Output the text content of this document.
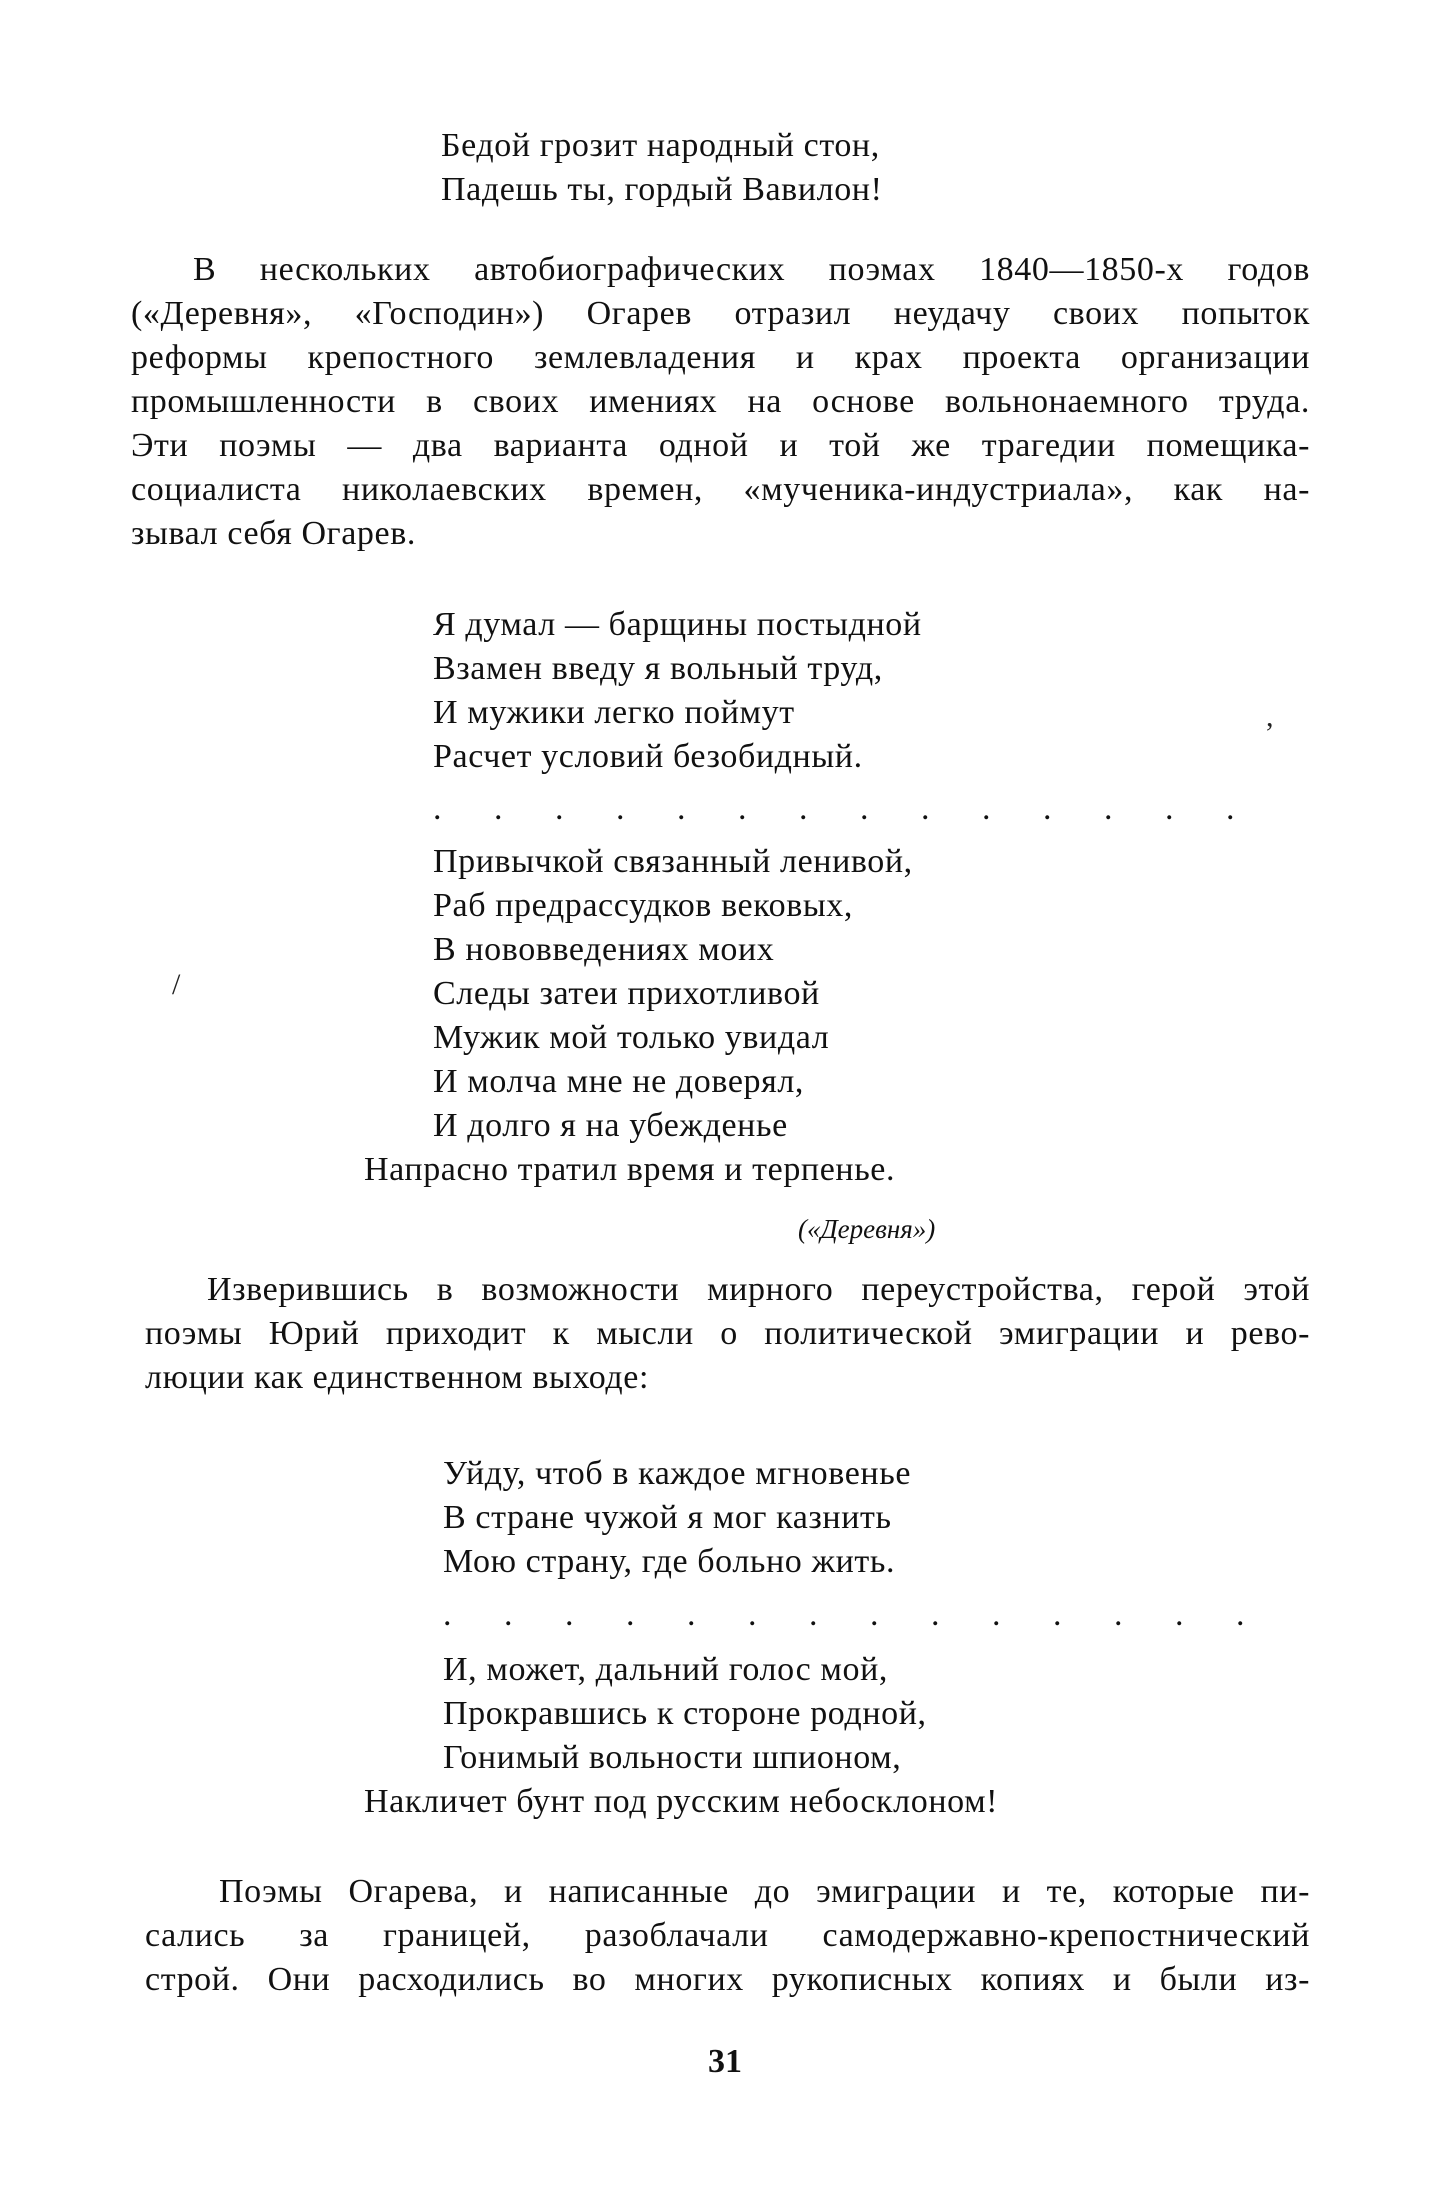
Бедой грозит народный стон,
Падешь ты, гордый Вавилон!
В нескольких автобиографических поэмах 1840—1850-х годов
(«Деревня», «Господин») Огарев отразил неудачу своих попыток
реформы крепостного землевладения и крах проекта организации
промышленности в своих имениях на основе вольнонаемного труда.
Эти поэмы — два варианта одной и той же трагедии помещика-
социалиста николаевских времен, «мученика-индустриала», как на-
зывал себя Огарев.
Я думал — барщины постыдной
Взамен введу я вольный труд,
И мужики легко поймут
Расчет условий безобидный.
,
. . . . . . . . . . . . . .
Привычкой связанный ленивой,
Раб предрассудков вековых,
В нововведениях моих
Следы затеи прихотливой
Мужик мой только увидал
И молча мне не доверял,
И долго я на убежденье
Напрасно тратил время и терпенье.
/
(«Деревня»)
Изверившись в возможности мирного переустройства, герой этой
поэмы Юрий приходит к мысли о политической эмиграции и рево-
люции как единственном выходе:
Уйду, чтоб в каждое мгновенье
В стране чужой я мог казнить
Мою страну, где больно жить.
. . . . . . . . . . . . . .
И, может, дальний голос мой,
Прокравшись к стороне родной,
Гонимый вольности шпионом,
Накличет бунт под русским небосклоном!
Поэмы Огарева, и написанные до эмиграции и те, которые пи-
сались за границей, разоблачали самодержавно-крепостнический
строй. Они расходились во многих рукописных копиях и были из-
31
